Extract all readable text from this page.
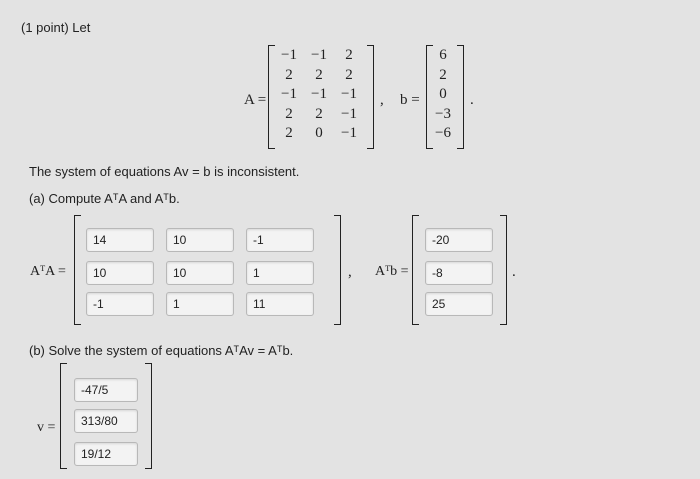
(1 point) Let
A =
−1 −1	2
2	2	2
−1 −1 −1
2	2	−1
2	0	−1
b =
,
6
2
0
−3
−6
.
The system of equations Av = b is inconsistent.
(a) Compute AᵀA and Aᵀb.
AᵀA =
14	10	-1
10	10	1
-1	1	11
, Aᵀb =
-20
-8
25
.
(b) Solve the system of equations AᵀAv = Aᵀb.
v =
-47/5
313/80
19/12
